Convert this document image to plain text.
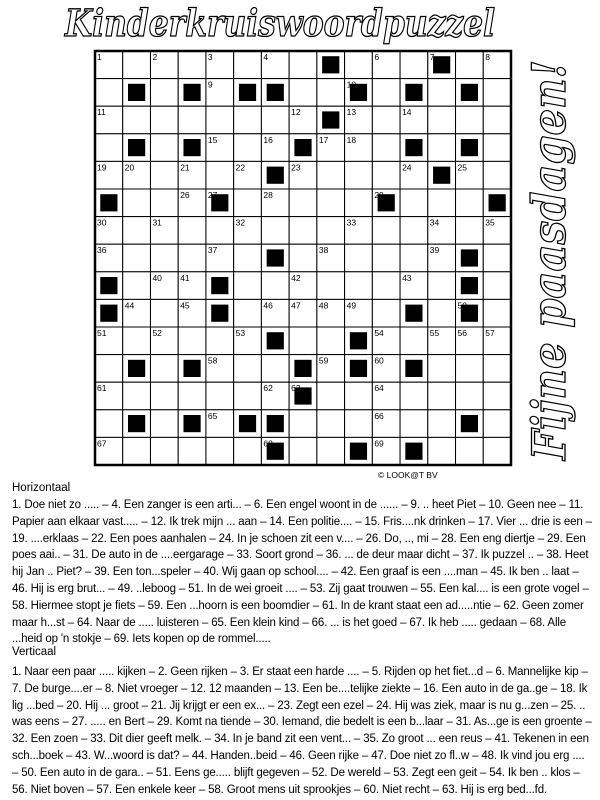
Kinderkruiswoordpuzzel Fijne paasdagen!
1	2	3	4	6	7	8
9	10
11	12	13	14
15	16	17 18
19 20	21	22	23	24	25
26 27	28	29
30	31	32	33	34	35
36	37	38	39
40 41	42	43
44	45	46 47 48 49	50
51	52	53	54	55 56 57
58	59	60
61	62 63	64
65	66
67	68	69
© LOOK@T BV
Horizontaal
1. Doe niet zo ..... – 4. Een zanger is een arti... – 6. Een engel woont in de ...... – 9. .. heet Piet – 10. Geen nee – 11. Papier aan elkaar vast..... – 12. Ik trek mijn ... aan – 14. Een politie.... – 15. Fris....nk drinken – 17. Vier ... drie is een – 19. ....erklaas – 22. Een poes aanhalen – 24. In je schoen zit een v.... – 26. Do, .., mi – 28. Een eng diertje – 29. Een poes aai.. – 31. De auto in de ....eergarage – 33. Soort grond – 36. ... de deur maar dicht – 37. Ik puzzel .. – 38. Heet hij Jan .. Piet? – 39. Een ton...speler – 40. Wij gaan op school.... – 42. Een graaf is een ....man – 45. Ik ben .. laat – 46. Hij is erg brut... – 49. ..leboog – 51. In de wei groeit .... – 53. Zij gaat trouwen – 55. Een kal.... is een grote vogel – 58. Hiermee stopt je fiets – 59. Een ...hoorn is een boomdier – 61. In de krant staat een ad.....ntie – 62. Geen zomer maar h...st – 64. Naar de ..... luisteren – 65. Een klein kind – 66. ... is het goed – 67. Ik heb ..... gedaan – 68. Alle ...heid op 'n stokje – 69. Iets kopen op de rommel.....
Verticaal
1. Naar een paar ..... kijken – 2. Geen rijken – 3. Er staat een harde .... – 5. Rijden op het fiet...d – 6. Mannelijke kip – 7. De burge....er – 8. Niet vroeger – 12. 12 maanden – 13. Een be....telijke ziekte – 16. Een auto in de ga..ge – 18. Ik lig ...bed – 20. Hij ... groot – 21. Jij krijgt er een ex... – 23. Zegt een ezel – 24. Hij was ziek, maar is nu g...zen – 25. .. was eens – 27. ..... en Bert – 29. Komt na tiende – 30. Iemand, die bedelt is een b...laar – 31. As...ge is een groente – 32. Een zoen – 33. Dit dier geeft melk. – 34. In je band zit een vent... – 35. Zo groot ... een reus – 41. Tekenen in een sch...boek – 43. W...woord is dat? – 44. Handen..beid – 46. Geen rijke – 47. Doe niet zo fl..w – 48. Ik vind jou erg .... – 50. Een auto in de gara.. – 51. Eens ge..... blijft gegeven – 52. De wereld – 53. Zegt een geit – 54. Ik ben .. klos – 56. Niet boven – 57. Een enkele keer – 58. Groot mens uit sprookjes – 60. Niet recht – 63. Hij is erg bed...fd.
